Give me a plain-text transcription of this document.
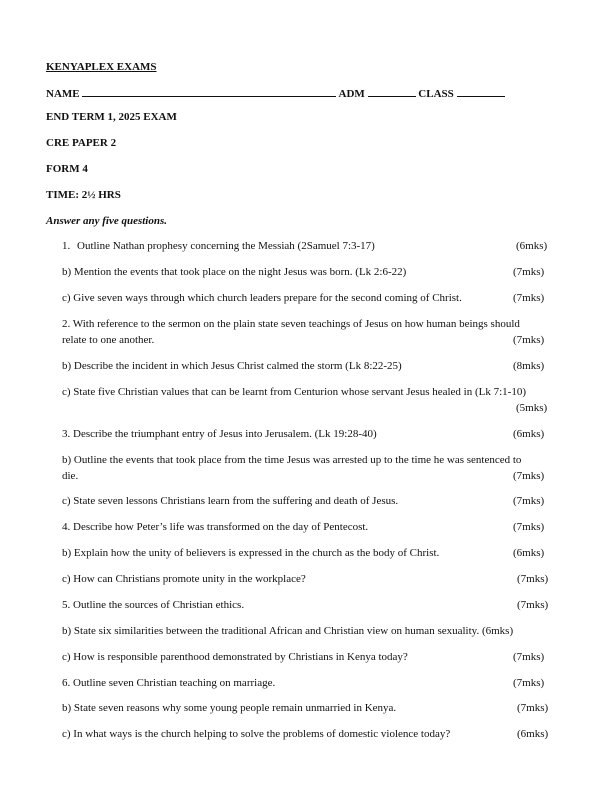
KENYAPLEX EXAMS
NAME	ADM	CLASS
END TERM 1, 2025 EXAM
CRE PAPER 2
FORM 4
TIME: 2½ HRS
Answer any five questions.
1. Outline Nathan prophesy concerning the Messiah (2Samuel 7:3-17)	(6mks)
b) Mention the events that took place on the night Jesus was born. (Lk 2:6-22)	(7mks)
c) Give seven ways through which church leaders prepare for the second coming of Christ.	(7mks)
2. With reference to the sermon on the plain state seven teachings of Jesus on how human beings should
relate to one another.	(7mks)
b) Describe the incident in which Jesus Christ calmed the storm (Lk 8:22-25)	(8mks)
c) State five Christian values that can be learnt from Centurion whose servant Jesus healed in (Lk 7:1-10)
(5mks)
3. Describe the triumphant entry of Jesus into Jerusalem. (Lk 19:28-40)	(6mks)
b) Outline the events that took place from the time Jesus was arrested up to the time he was sentenced to
die.	(7mks)
c) State seven lessons Christians learn from the suffering and death of Jesus.	(7mks)
4. Describe how Peter’s life was transformed on the day of Pentecost.	(7mks)
b) Explain how the unity of believers is expressed in the church as the body of Christ.	(6mks)
c) How can Christians promote unity in the workplace?	(7mks)
5. Outline the sources of Christian ethics.	(7mks)
b) State six similarities between the traditional African and Christian view on human sexuality. (6mks)
c) How is responsible parenthood demonstrated by Christians in Kenya today?	(7mks)
6. Outline seven Christian teaching on marriage.	(7mks)
b) State seven reasons why some young people remain unmarried in Kenya.	(7mks)
c) In what ways is the church helping to solve the problems of domestic violence today?	(6mks)
